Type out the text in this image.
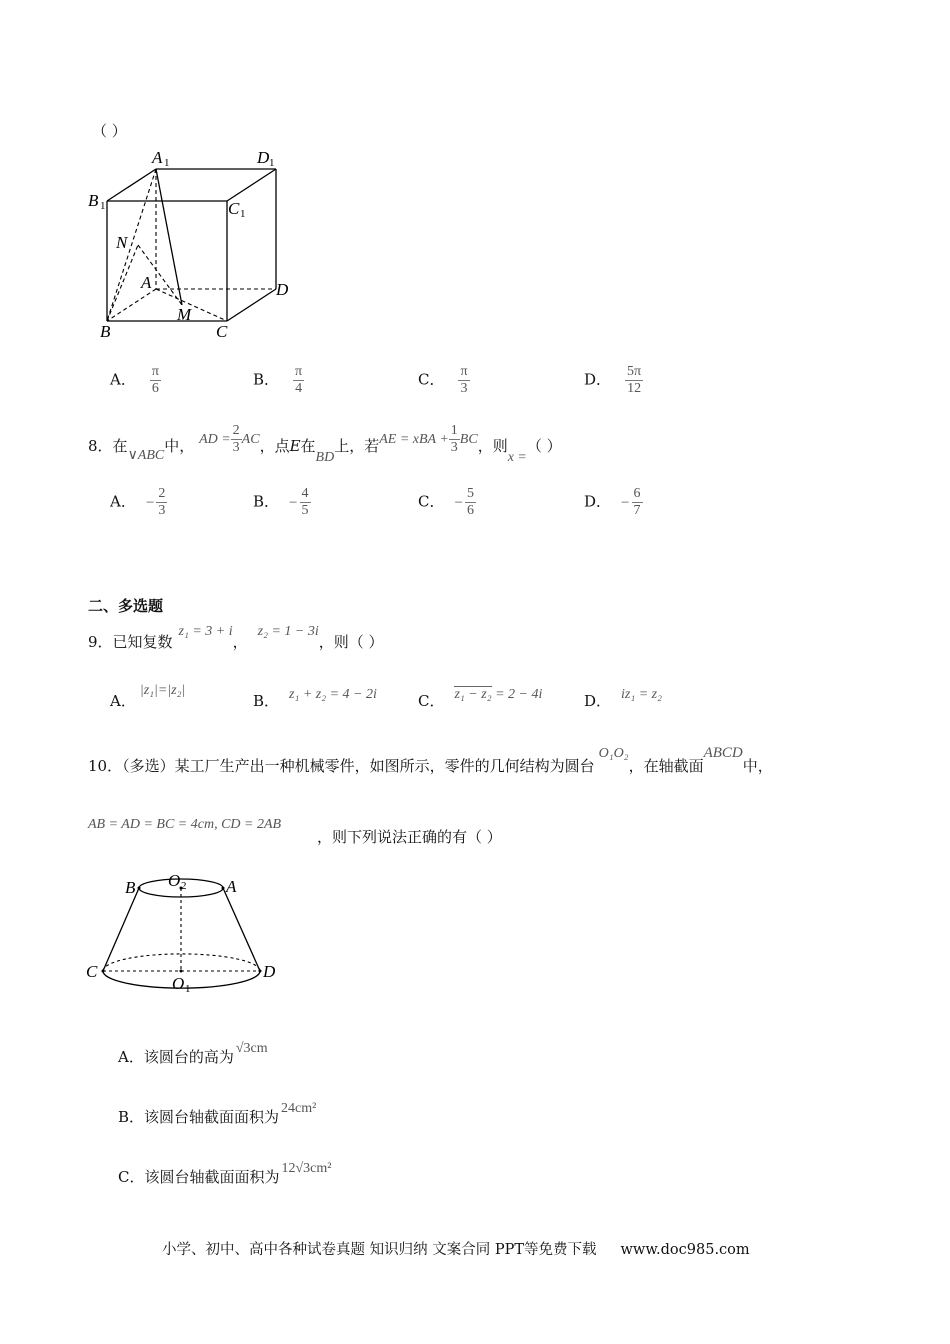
（ ）
A 1	D 1
B 1	C 1
N
A	D
B
M
C
A． $\frac{\pi}{6}$	B． $\frac{\pi}{4}$	C． $\frac{\pi}{3}$	D． $\frac{5\pi}{12}$
8．在∨ABC中， AD = $\frac{2}{3}$ AC，点E在BD上，若AE = xBA + $\frac{1}{3}$ BC，则x =（ ）
A． − $\frac{2}{3}$	B． − $\frac{4}{5}$	C． − $\frac{5}{6}$	D． − $\frac{6}{7}$
二、多选题
9．已知复数z₁ = 3 + i，z₂ = 1 − 3i，则（ ）
A．|z₁|=|z₂|
B． z₁ + z₂ = 4 − 2i	C． z₁ − z₂ = 2 − 4i	D． iz₁ = z₂
10．（多选）某工厂生产出一种机械零件，如图所示，零件的几何结构为圆台O₁O₂，在轴截面ABCD中，
AB = AD = BC = 4cm, CD = 2AB
，则下列说法正确的有（ ）
B O 2 A
C	D
O 1
A．该圆台的高为 √3cm
B．该圆台轴截面面积为 24cm²
C．该圆台轴截面面积为 12√3cm²
小学、初中、高中各种试卷真题 知识归纳 文案合同 PPT等免费下载 www.doc985.com
